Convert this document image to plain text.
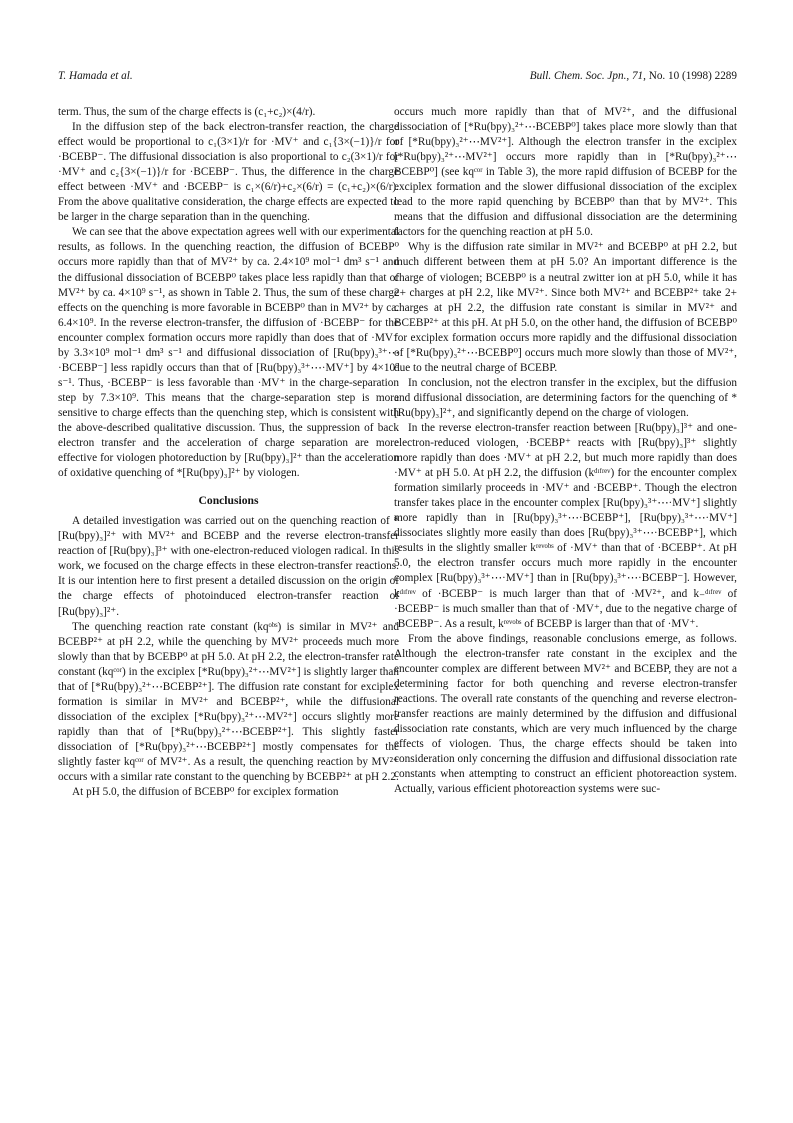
T. Hamada et al.	Bull. Chem. Soc. Jpn., 71, No. 10 (1998) 2289

term. Thus, the sum of the charge effects is (c₁+c₂)×(4/r).

In the diffusion step of the back electron-transfer reaction, the charge effect would be proportional to c₁(3×1)/r for ·MV⁺ and c₁{3×(−1)}/r for ·BCEBP⁻. The diffusional dissociation is also proportional to c₂(3×1)/r for ·MV⁺ and c₂{3×(−1)}/r for ·BCEBP⁻. Thus, the difference in the charge effect between ·MV⁺ and ·BCEBP⁻ is c₁×(6/r)+c₂×(6/r) = (c₁+c₂)×(6/r). From the above qualitative consideration, the charge effects are expected to be larger in the charge separation than in the quenching.

We can see that the above expectation agrees well with our experimental results, as follows. In the quenching reaction, the diffusion of BCEBP⁰ occurs more rapidly than that of MV²⁺ by ca. 2.4×10⁹ mol⁻¹ dm³ s⁻¹ and the diffusional dissociation of BCEBP⁰ takes place less rapidly than that of MV²⁺ by ca. 4×10⁹ s⁻¹, as shown in Table 2. Thus, the sum of these charge effects on the quenching is more favorable in BCEBP⁰ than in MV²⁺ by ca. 6.4×10⁹. In the reverse electron-transfer, the diffusion of ·BCEBP⁻ for the encounter complex formation occurs more rapidly than does that of ·MV⁺ by 3.3×10⁹ mol⁻¹ dm³ s⁻¹ and diffusional dissociation of [Ru(bpy)₃³⁺⋯·BCEBP⁻] less rapidly occurs than that of [Ru(bpy)₃³⁺⋯·MV⁺] by 4×10⁹ s⁻¹. Thus, ·BCEBP⁻ is less favorable than ·MV⁺ in the charge-separation step by 7.3×10⁹. This means that the charge-separation step is more sensitive to charge effects than the quenching step, which is consistent with the above-described qualitative discussion. Thus, the suppression of back electron transfer and the acceleration of charge separation are more effective for viologen photoreduction by [Ru(bpy)₃]²⁺ than the acceleration of oxidative quenching of *[Ru(bpy)₃]²⁺ by viologen.

Conclusions

A detailed investigation was carried out on the quenching reaction of *[Ru(bpy)₃]²⁺ with MV²⁺ and BCEBP and the reverse electron-transfer reaction of [Ru(bpy)₃]³⁺ with one-electron-reduced viologen radical. In this work, we focused on the charge effects in these electron-transfer reactions. It is our intention here to first present a detailed discussion on the origin of the charge effects of photoinduced electron-transfer reaction of [Ru(bpy)₃]²⁺.

The quenching reaction rate constant (kqᵒᵇˢ) is similar in MV²⁺ and BCEBP²⁺ at pH 2.2, while the quenching by MV²⁺ proceeds much more slowly than that by BCEBP⁰ at pH 5.0. At pH 2.2, the electron-transfer rate constant (kqᶜᵒʳ) in the exciplex [*Ru(bpy)₃²⁺⋯MV²⁺] is slightly larger than that of [*Ru(bpy)₃²⁺⋯BCEBP²⁺]. The diffusion rate constant for exciplex formation is similar in MV²⁺ and BCEBP²⁺, while the diffusional dissociation of the exciplex [*Ru(bpy)₃²⁺⋯MV²⁺] occurs slightly more rapidly than that of [*Ru(bpy)₃²⁺⋯BCEBP²⁺]. This slightly faster dissociation of [*Ru(bpy)₃²⁺⋯BCEBP²⁺] mostly compensates for the slightly faster kqᶜᵒʳ of MV²⁺. As a result, the quenching reaction by MV²⁺ occurs with a similar rate constant to the quenching by BCEBP²⁺ at pH 2.2.

At pH 5.0, the diffusion of BCEBP⁰ for exciplex formation

occurs much more rapidly than that of MV²⁺, and the diffusional dissociation of [*Ru(bpy)₃²⁺⋯BCEBP⁰] takes place more slowly than that of [*Ru(bpy)₃²⁺⋯MV²⁺]. Although the electron transfer in the exciplex [*Ru(bpy)₃²⁺⋯MV²⁺] occurs more rapidly than in [*Ru(bpy)₃²⁺⋯BCEBP⁰] (see kqᶜᵒʳ in Table 3), the more rapid diffusion of BCEBP for the exciplex formation and the slower diffusional dissociation of the exciplex lead to the more rapid quenching by BCEBP⁰ than that by MV²⁺. This means that the diffusion and diffusional dissociation are the determining factors for the quenching reaction at pH 5.0.

Why is the diffusion rate similar in MV²⁺ and BCEBP⁰ at pH 2.2, but much different between them at pH 5.0? An important difference is the charge of viologen; BCEBP⁰ is a neutral zwitter ion at pH 5.0, while it has 2+ charges at pH 2.2, like MV²⁺. Since both MV²⁺ and BCEBP²⁺ take 2+ charges at pH 2.2, the diffusion rate constant is similar in MV²⁺ and BCEBP²⁺ at this pH. At pH 5.0, on the other hand, the diffusion of BCEBP⁰ for exciplex formation occurs more rapidly and the diffusional dissociation of [*Ru(bpy)₃²⁺⋯BCEBP⁰] occurs much more slowly than those of MV²⁺, due to the neutral charge of BCEBP.

In conclusion, not the electron transfer in the exciplex, but the diffusion and diffusional dissociation, are determining factors for the quenching of *[Ru(bpy)₃]²⁺, and significantly depend on the charge of viologen.

In the reverse electron-transfer reaction between [Ru(bpy)₃]³⁺ and one-electron-reduced viologen, ·BCEBP⁺ reacts with [Ru(bpy)₃]³⁺ slightly more rapidly than does ·MV⁺ at pH 2.2, but much more rapidly than does ·MV⁺ at pH 5.0. At pH 2.2, the diffusion (kᵈᶦᶠʳᵉᵛ) for the encounter complex formation similarly proceeds in ·MV⁺ and ·BCEBP⁺. Though the electron transfer takes place in the encounter complex [Ru(bpy)₃³⁺⋯·MV⁺] slightly more rapidly than in [Ru(bpy)₃³⁺⋯·BCEBP⁺], [Ru(bpy)₃³⁺⋯·MV⁺] dissociates slightly more easily than does [Ru(bpy)₃³⁺⋯·BCEBP⁺], which results in the slightly smaller kʳᵉᵛᵒᵇˢ of ·MV⁺ than that of ·BCEBP⁺. At pH 5.0, the electron transfer occurs much more rapidly in the encounter complex [Ru(bpy)₃³⁺⋯·MV⁺] than in [Ru(bpy)₃³⁺⋯·BCEBP⁻]. However, kᵈᶦᶠʳᵉᵛ of ·BCEBP⁻ is much larger than that of ·MV²⁺, and k₋ᵈᶦᶠʳᵉᵛ of ·BCEBP⁻ is much smaller than that of ·MV⁺, due to the negative charge of ·BCEBP⁻. As a result, kʳᵉᵛᵒᵇˢ of BCEBP is larger than that of ·MV⁺.

From the above findings, reasonable conclusions emerge, as follows. Although the electron-transfer rate constant in the exciplex and the encounter complex are different between MV²⁺ and BCEBP, they are not a determining factor for both quenching and reverse electron-transfer reactions. The overall rate constants of the quenching and reverse electron-transfer reactions are mainly determined by the diffusion and diffusional dissociation rate constants, which are very much influenced by the charge effects of viologen. Thus, the charge effects should be taken into consideration only concerning the diffusion and diffusional dissociation rate constants when attempting to construct an efficient photoreaction system. Actually, various efficient photoreaction systems were suc-
